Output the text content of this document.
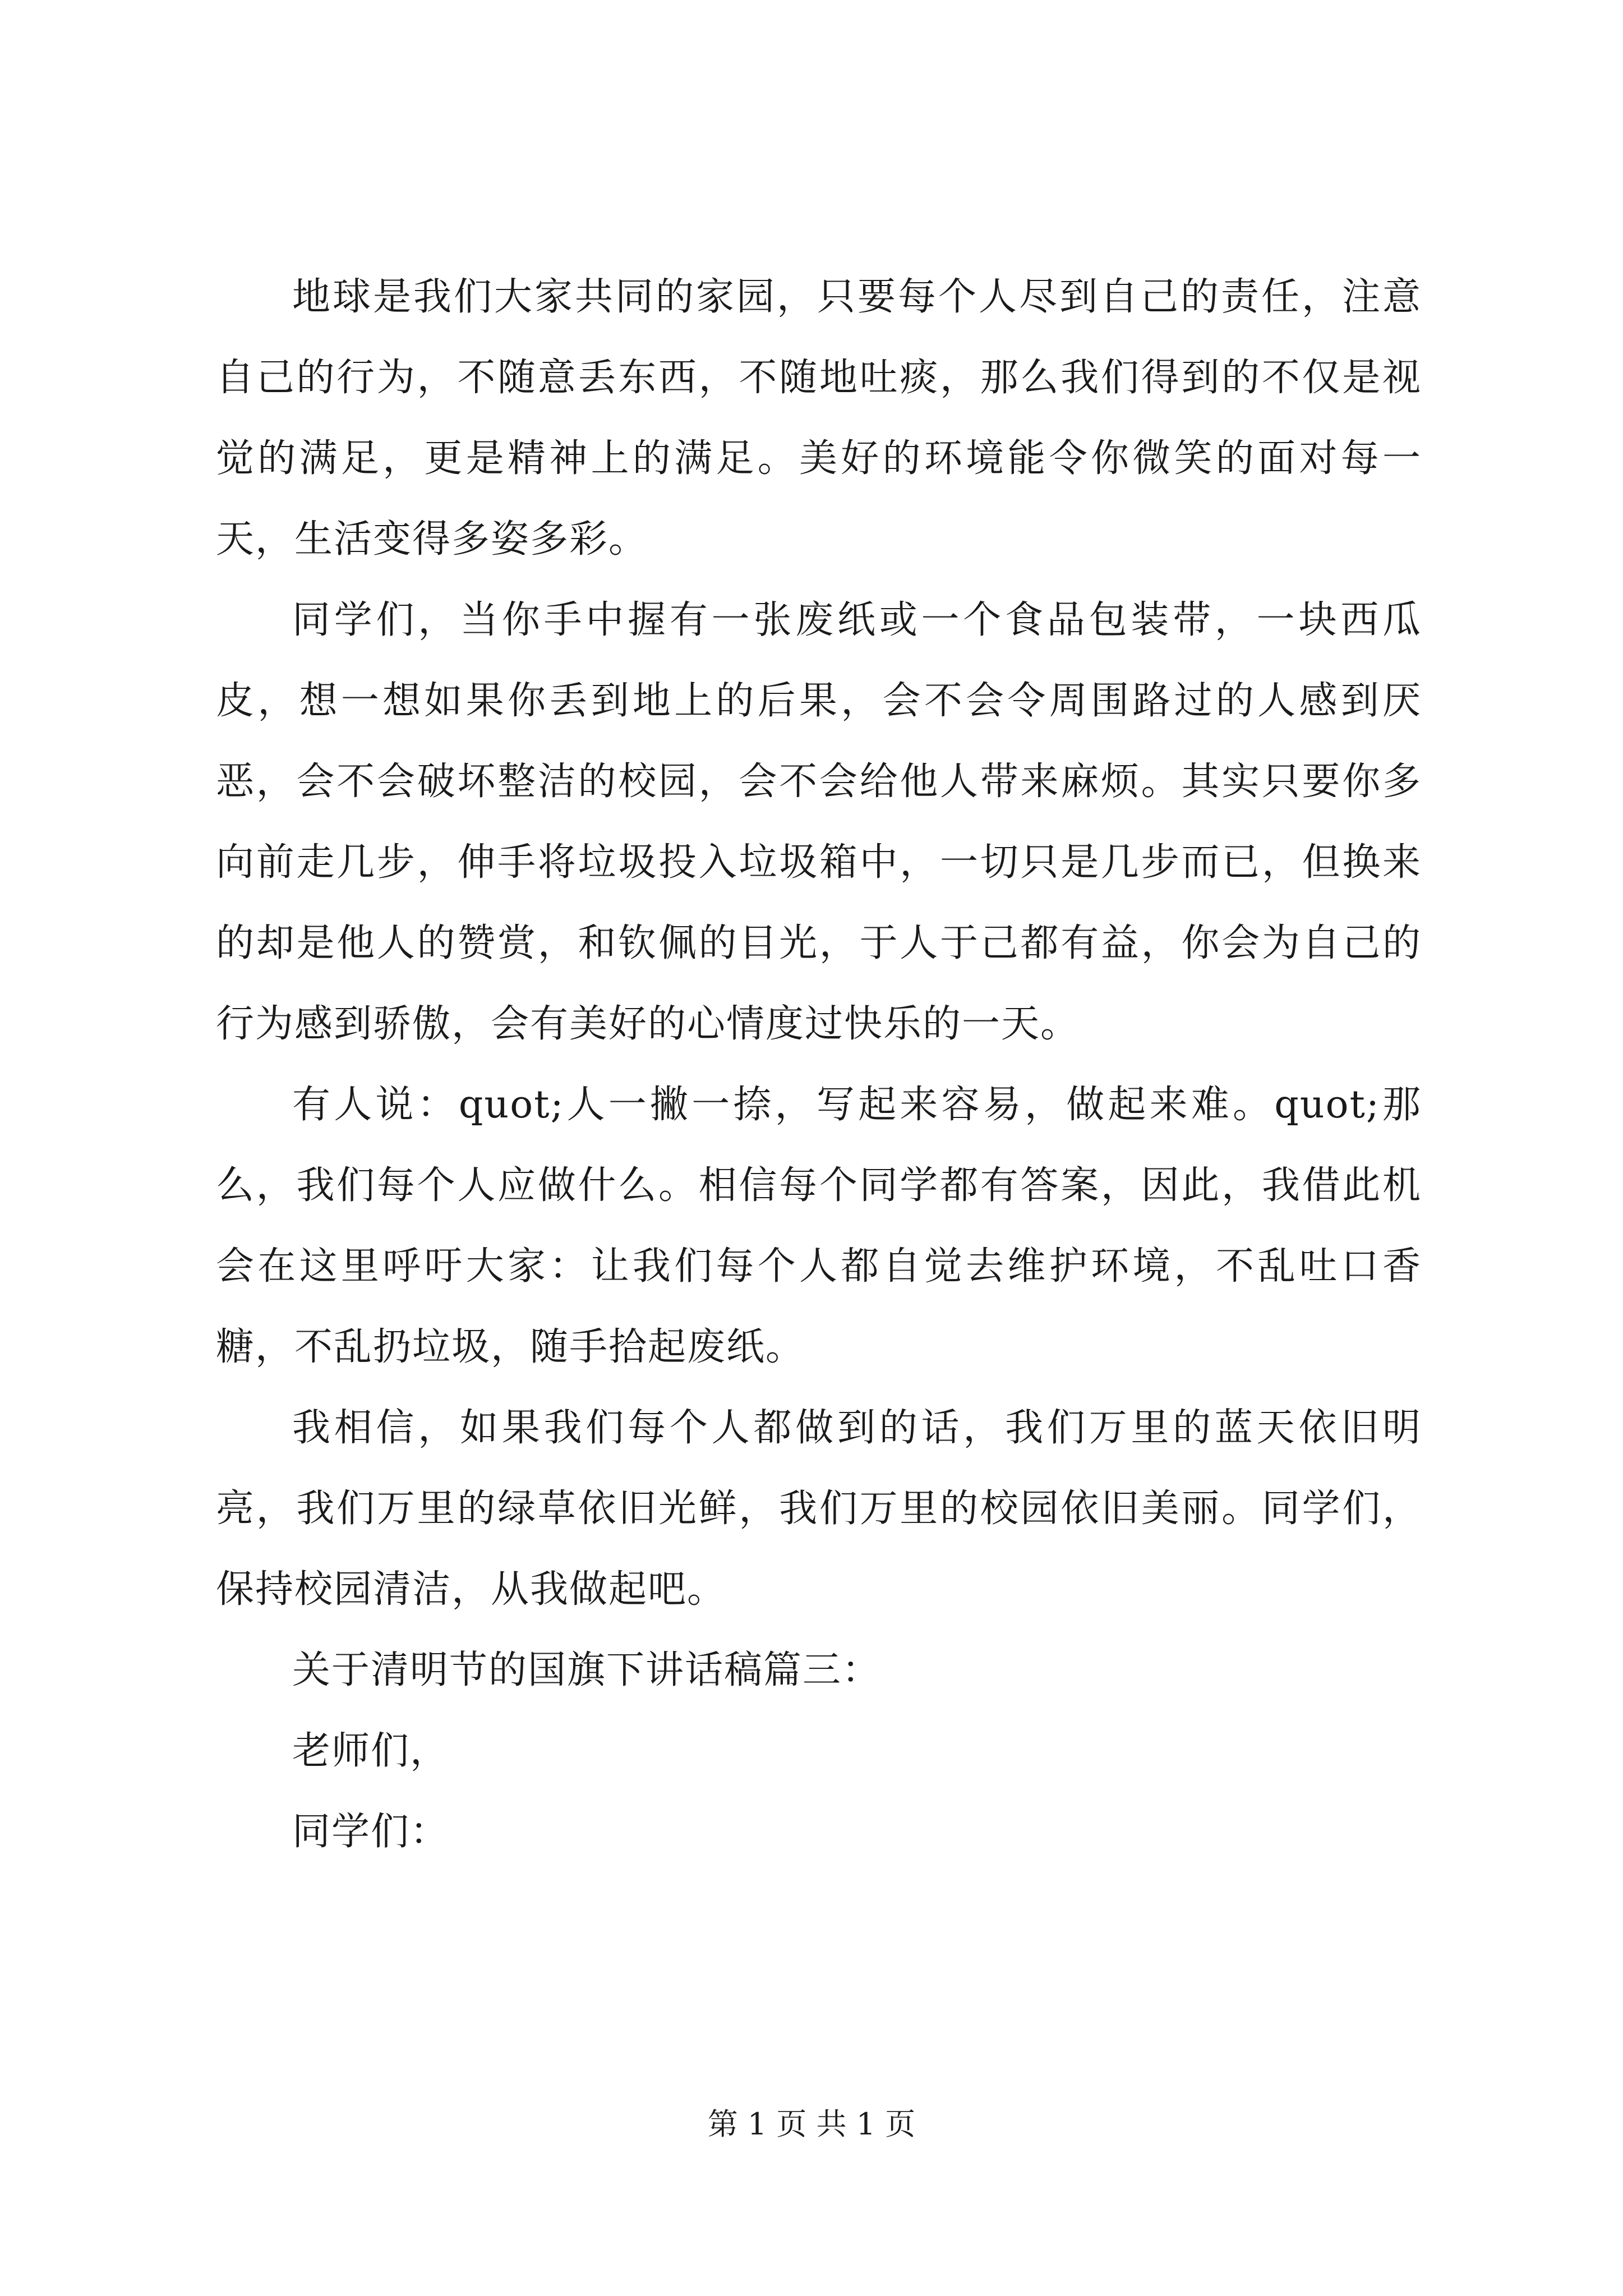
地球是我们大家共同的家园，只要每个人尽到自己的责任，注意自己的行为，不随意丢东西，不随地吐痰，那么我们得到的不仅是视觉的满足，更是精神上的满足。美好的环境能令你微笑的面对每一天，生活变得多姿多彩。

同学们，当你手中握有一张废纸或一个食品包装带，一块西瓜皮，想一想如果你丢到地上的后果，会不会令周围路过的人感到厌恶，会不会破坏整洁的校园，会不会给他人带来麻烦。其实只要你多向前走几步，伸手将垃圾投入垃圾箱中，一切只是几步而已，但换来的却是他人的赞赏，和钦佩的目光，于人于己都有益，你会为自己的行为感到骄傲，会有美好的心情度过快乐的一天。

有人说：quot;人一撇一捺，写起来容易，做起来难。quot;那么，我们每个人应做什么。相信每个同学都有答案，因此，我借此机会在这里呼吁大家：让我们每个人都自觉去维护环境，不乱吐口香糖，不乱扔垃圾，随手拾起废纸。

我相信，如果我们每个人都做到的话，我们万里的蓝天依旧明亮，我们万里的绿草依旧光鲜，我们万里的校园依旧美丽。同学们，保持校园清洁，从我做起吧。

关于清明节的国旗下讲话稿篇三：

老师们，

同学们：

第 1 页 共 1 页
